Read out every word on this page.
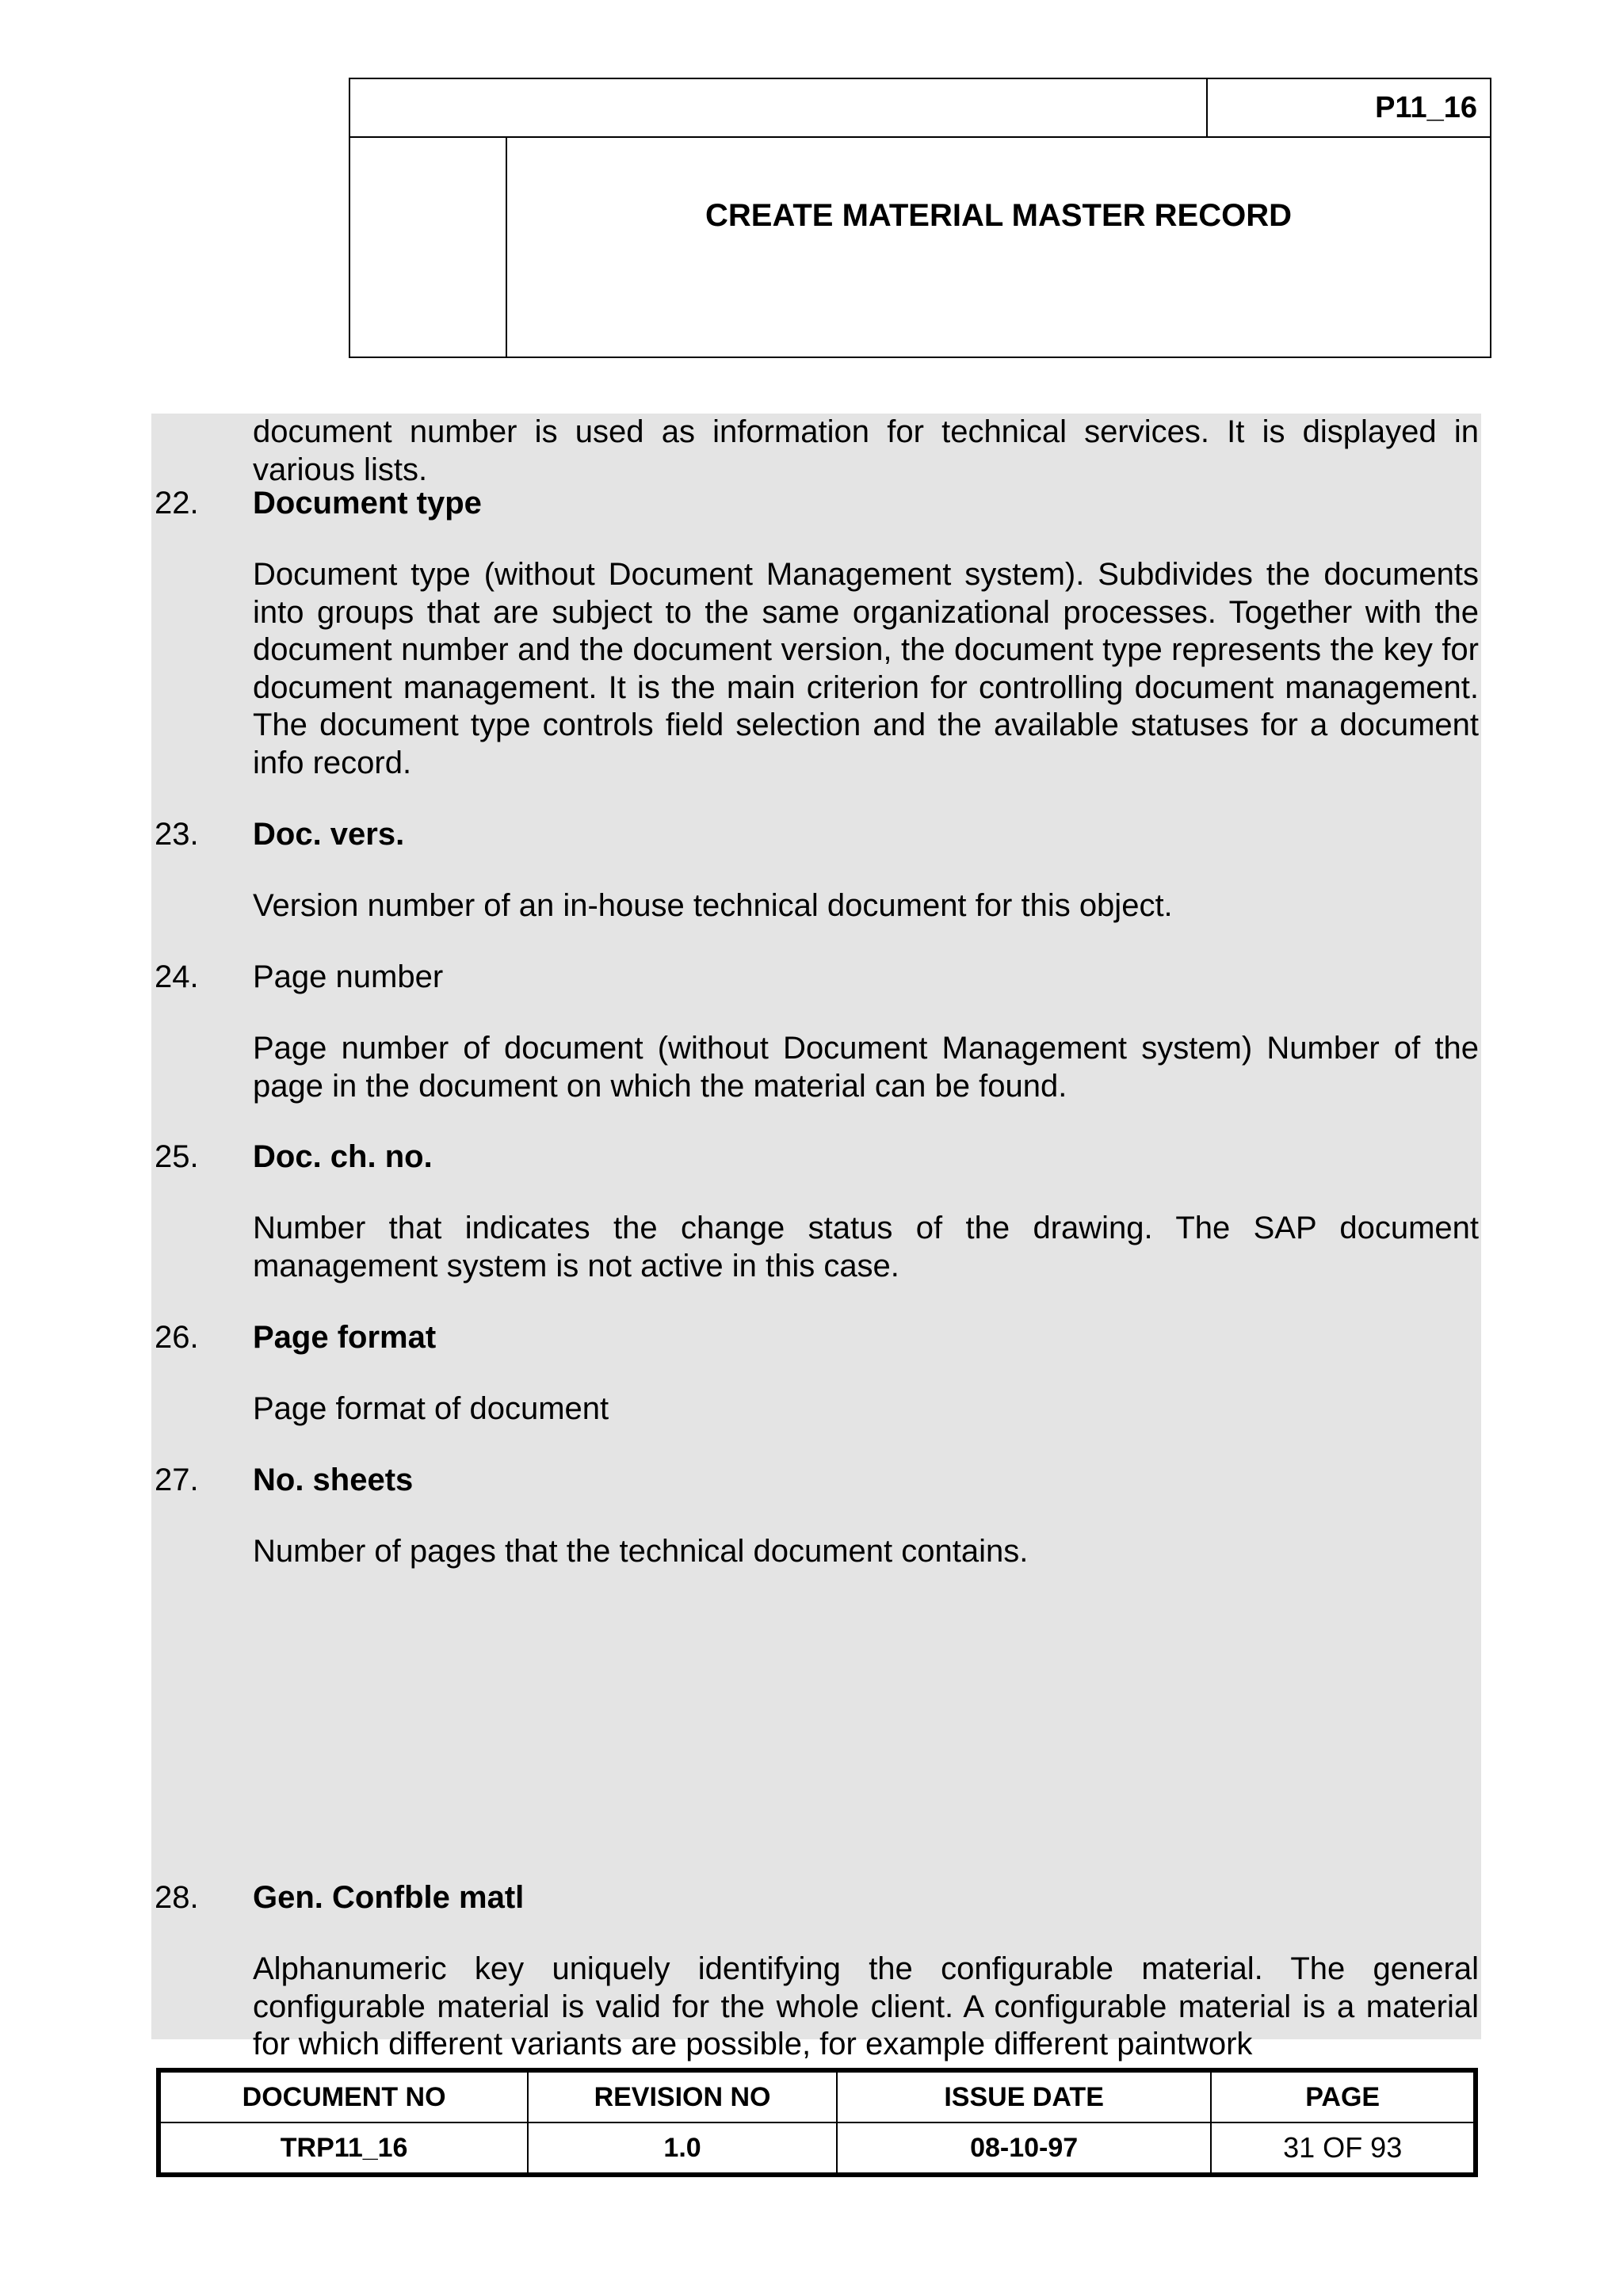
P11_16
CREATE MATERIAL MASTER RECORD

document number is used as information for technical services. It is displayed in various lists.

22. Document type

Document type (without Document Management system). Subdivides the documents into groups that are subject to the same organizational processes. Together with the document number and the document version, the document type represents the key for document management. It is the main criterion for controlling document management. The document type controls field selection and the available statuses for a document info record.

23. Doc. vers.

Version number of an in-house technical document for this object.

24. Page number

Page number of document (without Document Management system) Number of the page in the document on which the material can be found.

25. Doc. ch. no.

Number that indicates the change status of the drawing. The SAP document management system is not active in this case.

26. Page format

Page format of document

27. No. sheets

Number of pages that the technical document contains.

28. Gen. Confble matl

Alphanumeric key uniquely identifying the configurable material. The general configurable material is valid for the whole client. A configurable material is a material for which different variants are possible, for example different paintwork

DOCUMENT NO	REVISION NO	ISSUE DATE	PAGE
TRP11_16	1.0	08-10-97	31 OF 93
